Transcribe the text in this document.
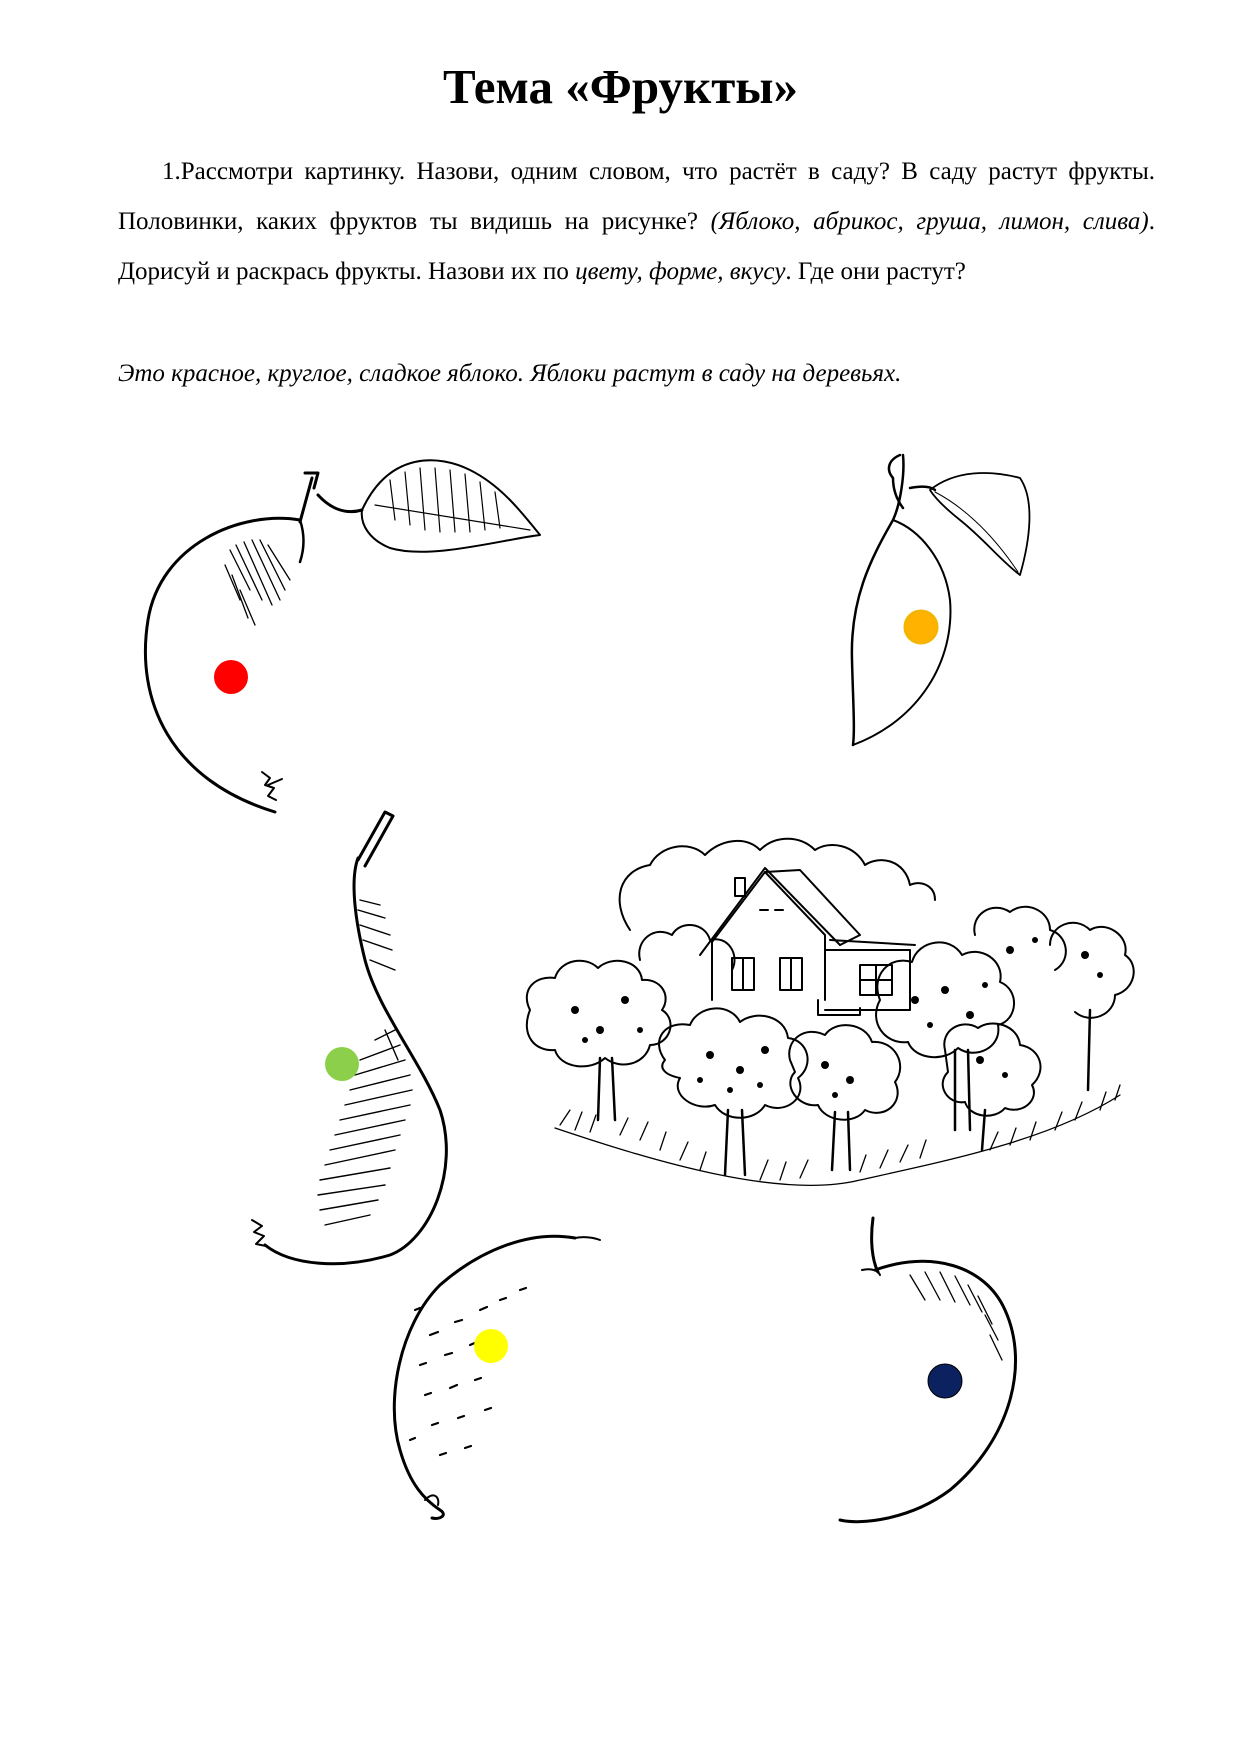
Тема «Фрукты»

1.Рассмотри картинку. Назови, одним словом, что растёт в саду? В саду растут фрукты. Половинки, каких фруктов ты видишь на рисунке? (Яблоко, абрикос, груша, лимон, слива). Дорисуй и раскрась фрукты. Назови их по цвету, форме, вкусу. Где они растут?

Это красное, круглое, сладкое яблоко. Яблоки растут в саду на деревьях.
